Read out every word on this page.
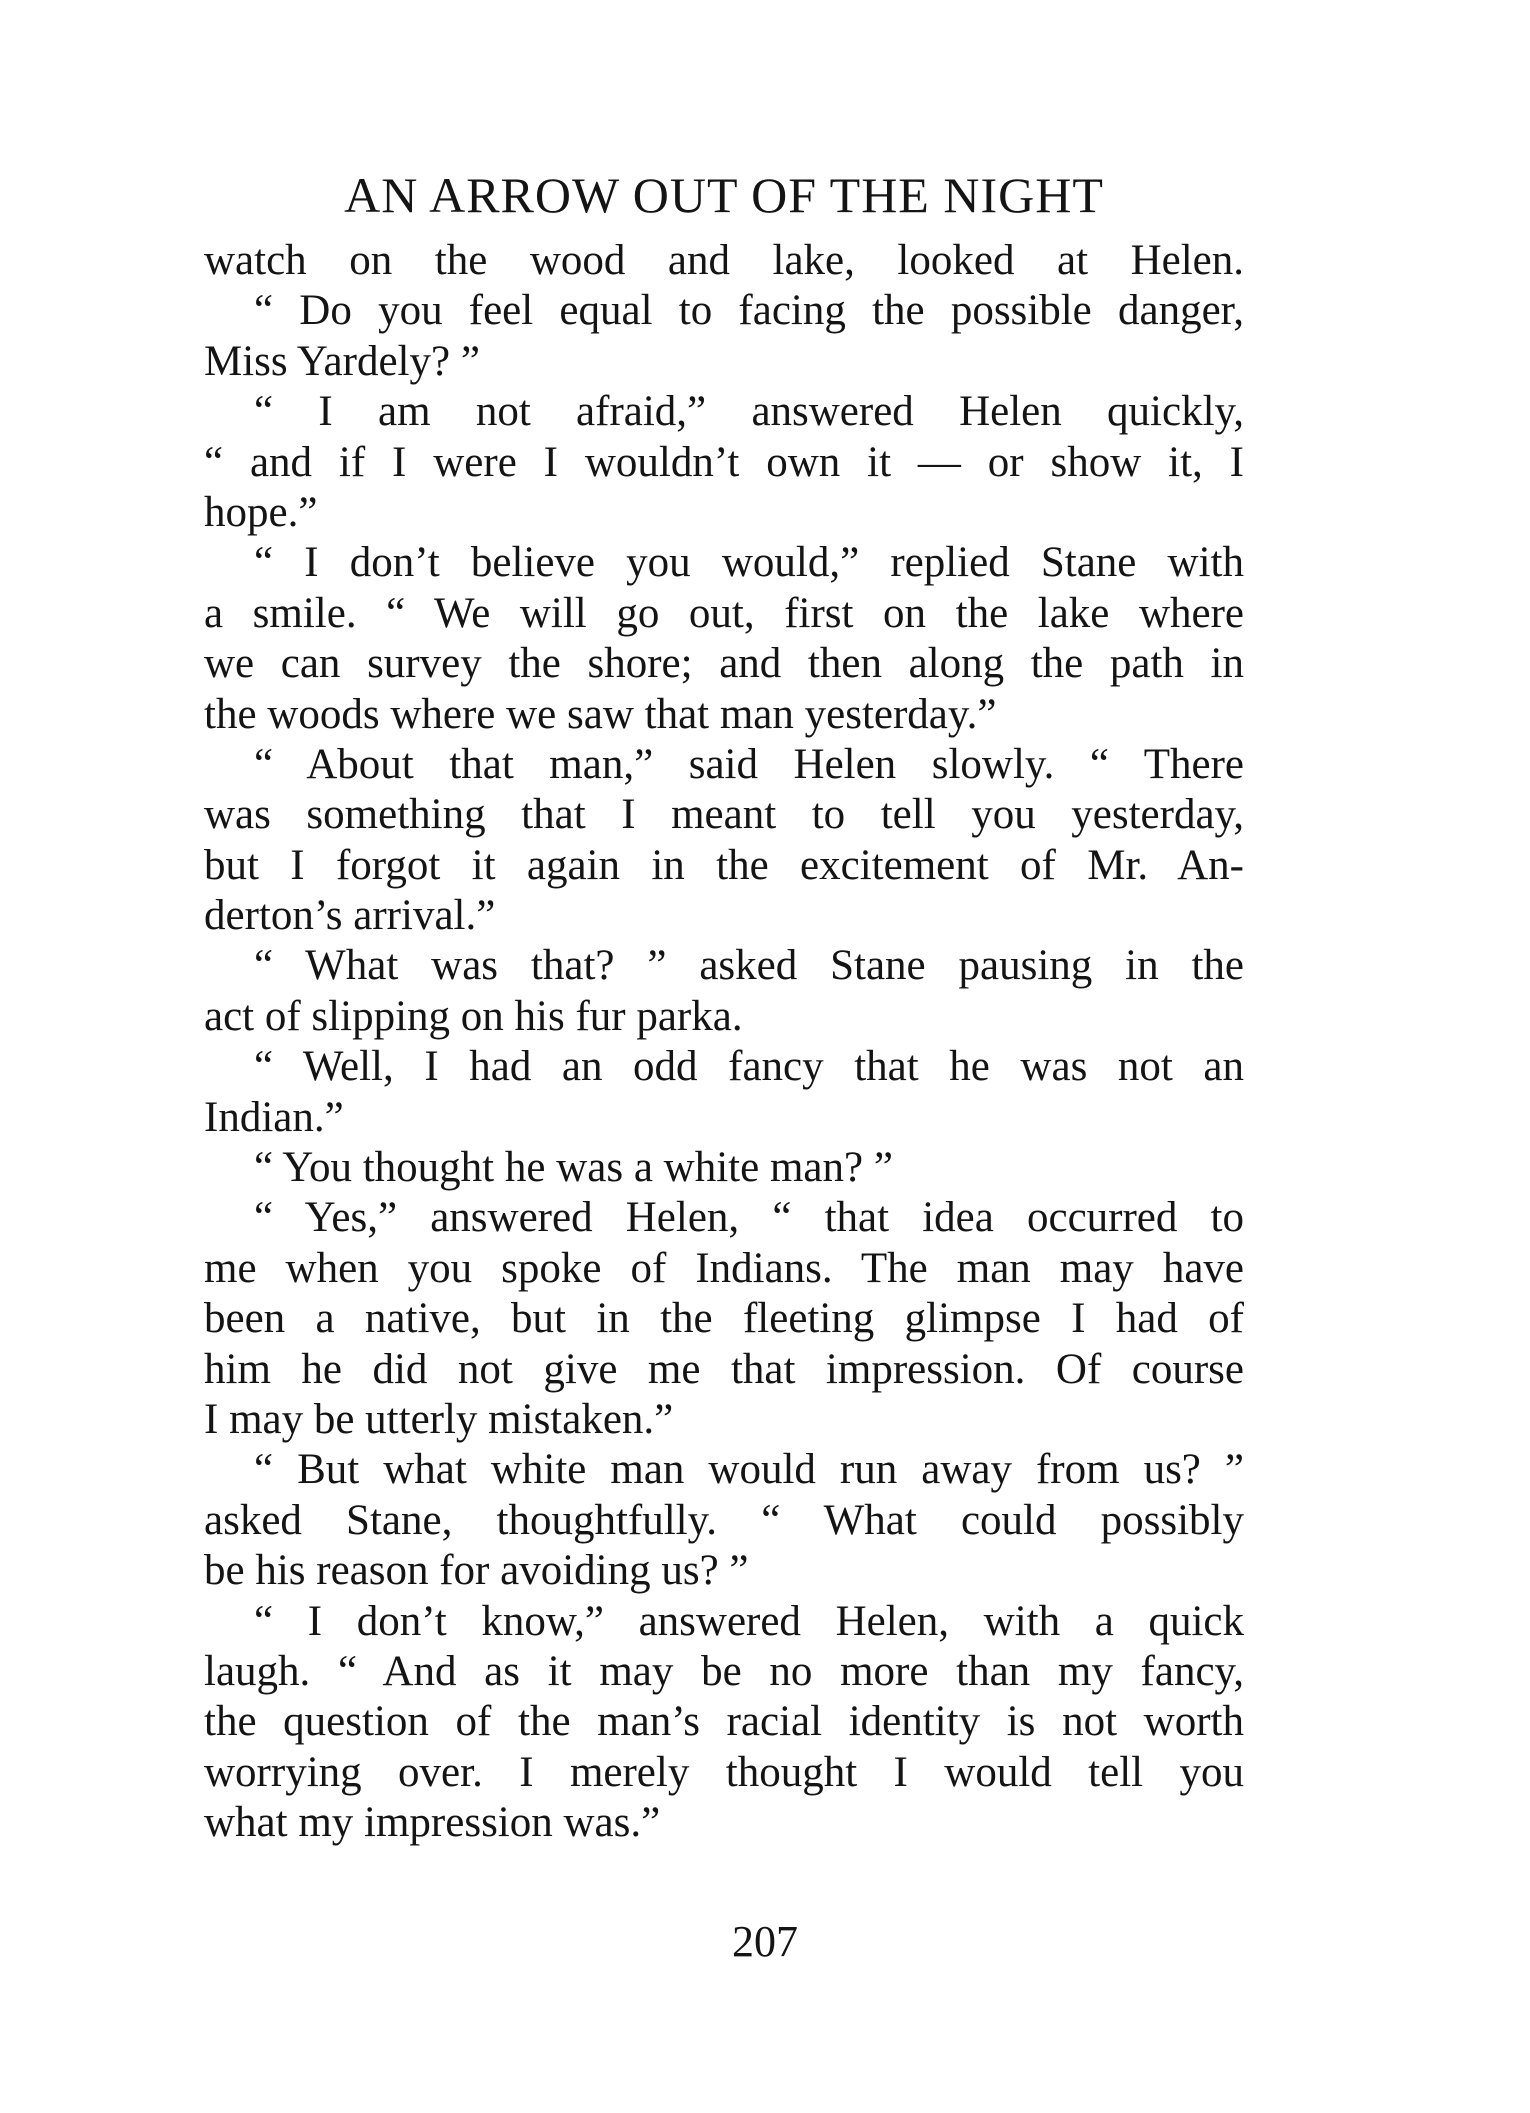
AN ARROW OUT OF THE NIGHT
watch on the wood and lake, looked at Helen.
“ Do you feel equal to facing the possible danger,
Miss Yardely? ”
“ I am not afraid,” answered Helen quickly,
“ and if I were I wouldn’t own it — or show it, I
hope.”
“ I don’t believe you would,” replied Stane with
a smile. “ We will go out, first on the lake where
we can survey the shore; and then along the path in
the woods where we saw that man yesterday.”
“ About that man,” said Helen slowly. “ There
was something that I meant to tell you yesterday,
but I forgot it again in the excitement of Mr. An-
derton’s arrival.”
“ What was that? ” asked Stane pausing in the
act of slipping on his fur parka.
“ Well, I had an odd fancy that he was not an
Indian.”
“ You thought he was a white man? ”
“ Yes,” answered Helen, “ that idea occurred to
me when you spoke of Indians. The man may have
been a native, but in the fleeting glimpse I had of
him he did not give me that impression. Of course
I may be utterly mistaken.”
“ But what white man would run away from us? ”
asked Stane, thoughtfully. “ What could possibly
be his reason for avoiding us? ”
“ I don’t know,” answered Helen, with a quick
laugh. “ And as it may be no more than my fancy,
the question of the man’s racial identity is not worth
worrying over. I merely thought I would tell you
what my impression was.”
207
